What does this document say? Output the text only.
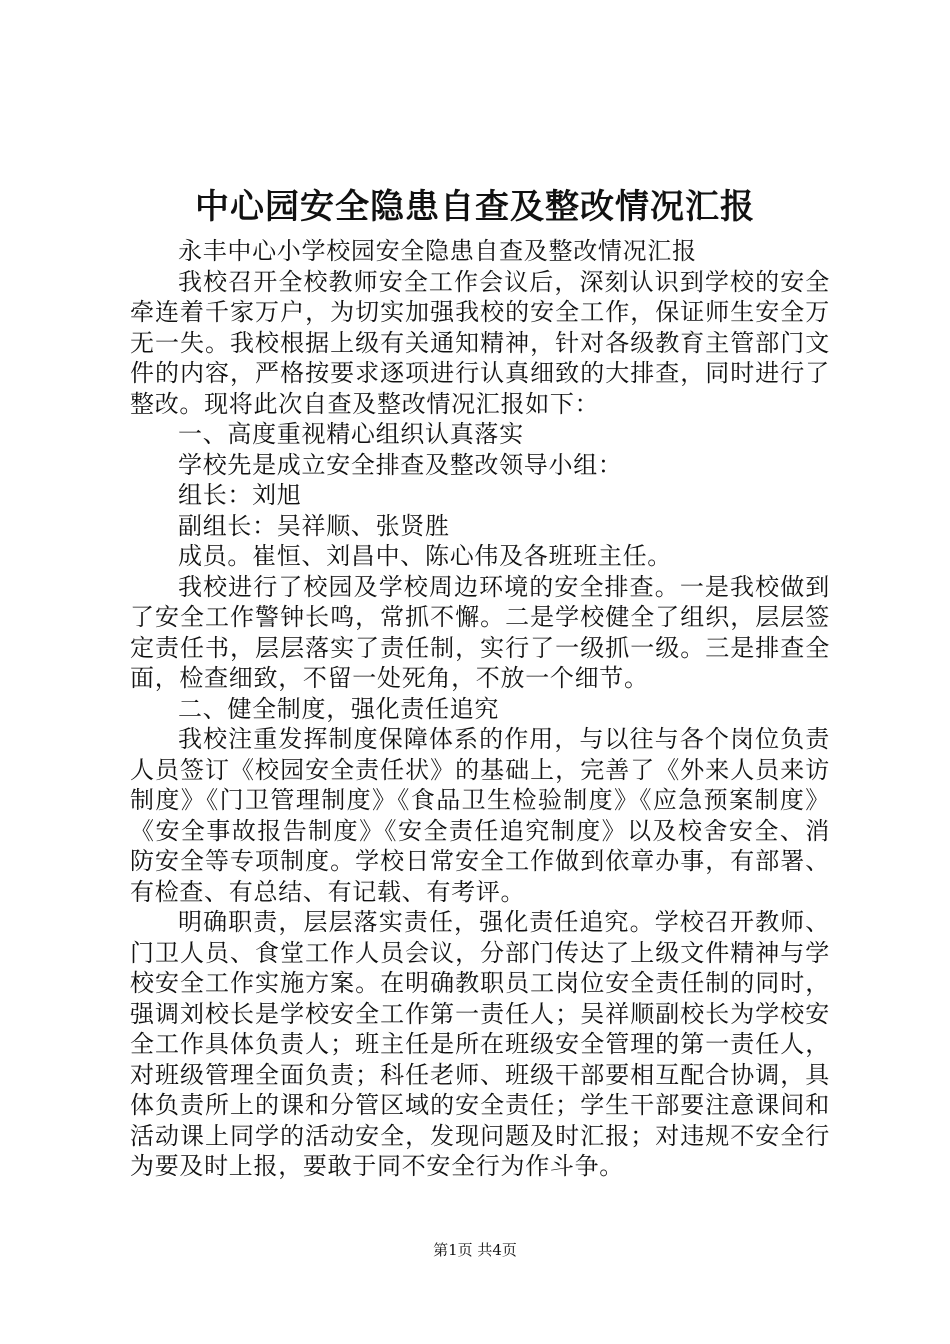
中心园安全隐患自查及整改情况汇报

永丰中心小学校园安全隐患自查及整改情况汇报

我校召开全校教师安全工作会议后，深刻认识到学校的安全牵连着千家万户，为切实加强我校的安全工作，保证师生安全万无一失。我校根据上级有关通知精神，针对各级教育主管部门文件的内容，严格按要求逐项进行认真细致的大排查，同时进行了整改。现将此次自查及整改情况汇报如下：

一、高度重视精心组织认真落实

学校先是成立安全排查及整改领导小组：

组长：刘旭

副组长：吴祥顺、张贤胜

成员。崔恒、刘昌中、陈心伟及各班班主任。

我校进行了校园及学校周边环境的安全排查。一是我校做到了安全工作警钟长鸣，常抓不懈。二是学校健全了组织，层层签定责任书，层层落实了责任制，实行了一级抓一级。三是排查全面，检查细致，不留一处死角，不放一个细节。

二、健全制度，强化责任追究

我校注重发挥制度保障体系的作用，与以往与各个岗位负责人员签订《校园安全责任状》的基础上，完善了《外来人员来访制度》《门卫管理制度》《食品卫生检验制度》《应急预案制度》《安全事故报告制度》《安全责任追究制度》以及校舍安全、消防安全等专项制度。学校日常安全工作做到依章办事，有部署、有检查、有总结、有记载、有考评。

明确职责，层层落实责任，强化责任追究。学校召开教师、门卫人员、食堂工作人员会议，分部门传达了上级文件精神与学校安全工作实施方案。在明确教职员工岗位安全责任制的同时，强调刘校长是学校安全工作第一责任人；吴祥顺副校长为学校安全工作具体负责人；班主任是所在班级安全管理的第一责任人，对班级管理全面负责；科任老师、班级干部要相互配合协调，具体负责所上的课和分管区域的安全责任；学生干部要注意课间和活动课上同学的活动安全，发现问题及时汇报；对违规不安全行为要及时上报，要敢于同不安全行为作斗争。

第1页 共4页
